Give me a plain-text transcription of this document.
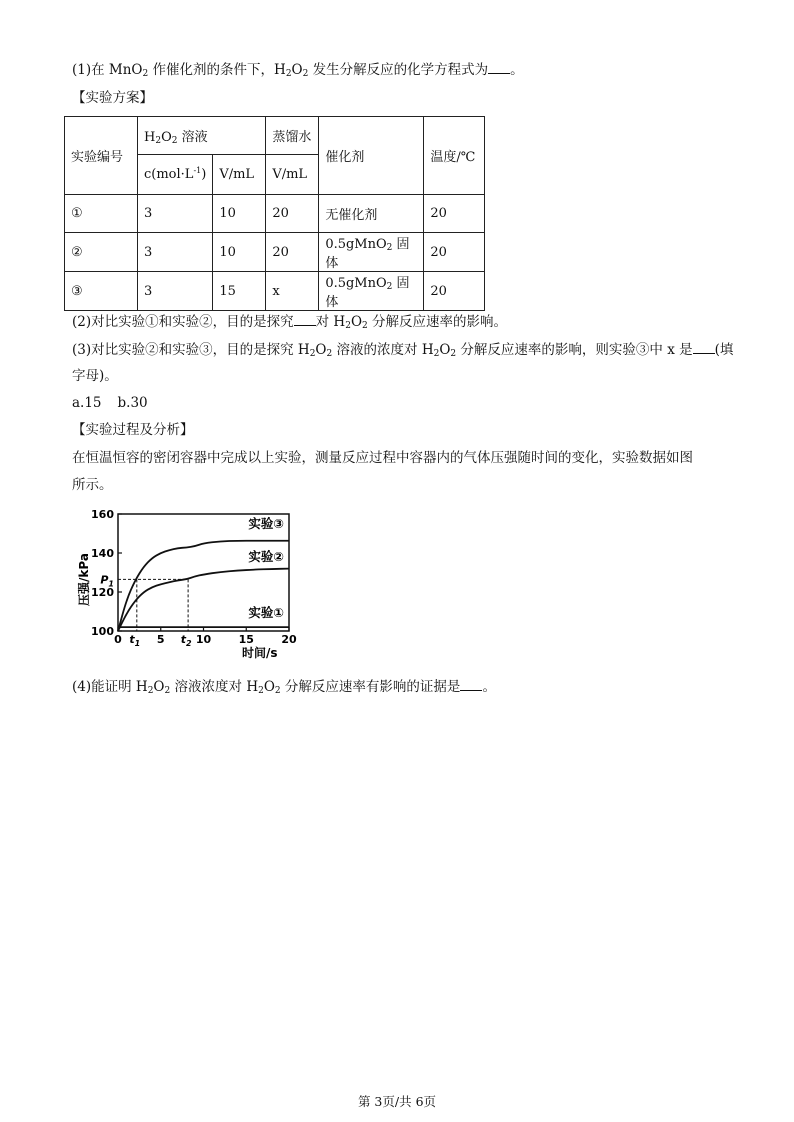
(1)在 MnO$_2$ 作催化剂的条件下，$H_2O_2$ 发生分解反应的化学方程式为 。
【实验方案】
实验编号	$H_2O_2$ 溶液		蒸馏水	催化剂	温度/℃
	$c(mol\cdot L^{-1})$	V/mL	V/mL		
①	3	10	20	无催化剂	20
②	3	10	20	0.5gMnO$_2$ 固体	20
③	3	15	x	0.5gMnO$_2$ 固体	20
(2)对比实验①和实验②，目的是探究 对 $H_2O_2$ 分解反应速率的影响。
(3)对比实验②和实验③，目的是探究 $H_2O_2$ 溶液的浓度对 $H_2O_2$ 分解反应速率的影响，则实验③中 x 是 (填
字母)。
a.15 b.30
【实验过程及分析】
在恒温恒容的密闭容器中完成以上实验，测量反应过程中容器内的气体压强随时间的变化，实验数据如图
所示。
100
120
140
160
0	5	10 15 20
$P_1$
$t_1$	$t_2$
实验③
实验②
实验①
压强/kPa
时间/s
(4)能证明 $H_2O_2$ 溶液浓度对 $H_2O_2$ 分解反应速率有影响的证据是 。
第 3页/共 6页
